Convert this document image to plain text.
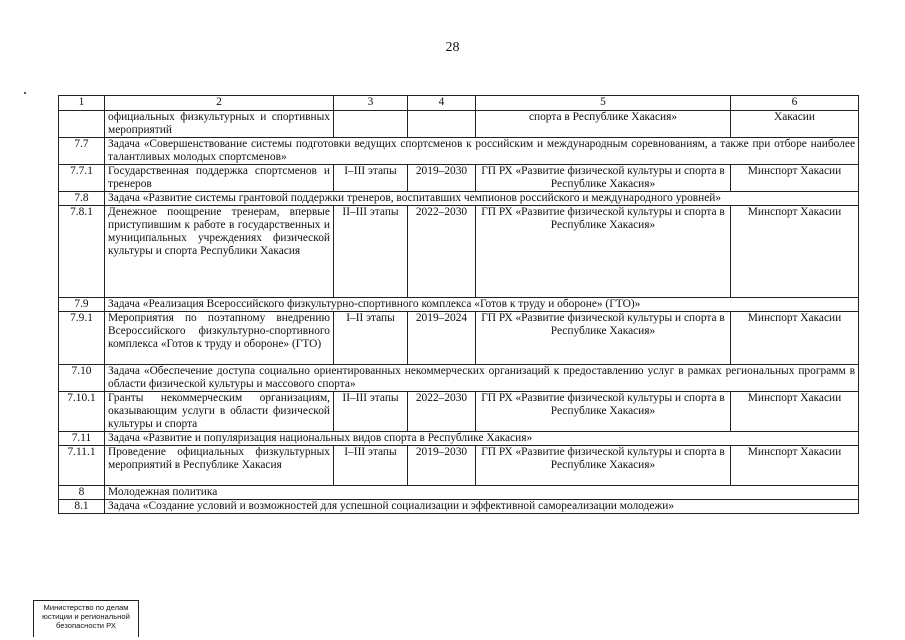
28
1	2	3	4	5	6
	официальных физкультурных и спортивных мероприятий			спорта в Республике Хакасия»	Хакасии
7.7	Задача «Совершенствование системы подготовки ведущих спортсменов к российским и международным соревнованиям, а также при отборе наиболее талантливых молодых спортсменов»				
7.7.1	Государственная поддержка спортсменов и тренеров	I–III этапы	2019–2030	ГП РХ «Развитие физической культуры и спорта в Республике Хакасия»	Минспорт Хакасии
7.8	Задача «Развитие системы грантовой поддержки тренеров, воспитавших чемпионов российского и международного уровней»				
7.8.1	Денежное поощрение тренерам, впервые приступившим к работе в государственных и муниципальных учреждениях физической культуры и спорта Республики Хакасия	II–III этапы	2022–2030	ГП РХ «Развитие физической культуры и спорта в Республике Хакасия»	Минспорт Хакасии
7.9	Задача «Реализация Всероссийского физкультурно-спортивного комплекса «Готов к труду и обороне» (ГТО)»				
7.9.1	Мероприятия по поэтапному внедрению Всероссийского физкультурно-спортивного комплекса «Готов к труду и обороне» (ГТО)	I–II этапы	2019–2024	ГП РХ «Развитие физической культуры и спорта в Республике Хакасия»	Минспорт Хакасии
7.10	Задача «Обеспечение доступа социально ориентированных некоммерческих организаций к предоставлению услуг в рамках региональных программ в области физической культуры и массового спорта»				
7.10.1	Гранты некоммерческим организациям, оказывающим услуги в области физической культуры и спорта	II–III этапы	2022–2030	ГП РХ «Развитие физической культуры и спорта в Республике Хакасия»	Минспорт Хакасии
7.11	Задача «Развитие и популяризация национальных видов спорта в Республике Хакасия»				
7.11.1	Проведение официальных физкультурных мероприятий в Республике Хакасия	I–III этапы	2019–2030	ГП РХ «Развитие физической культуры и спорта в Республике Хакасия»	Минспорт Хакасии
8	Молодежная политика				
8.1	Задача «Создание условий и возможностей для успешной социализации и эффективной самореализации молодежи»				
Министерство по делам
юстиции и региональной
безопасности РХ
